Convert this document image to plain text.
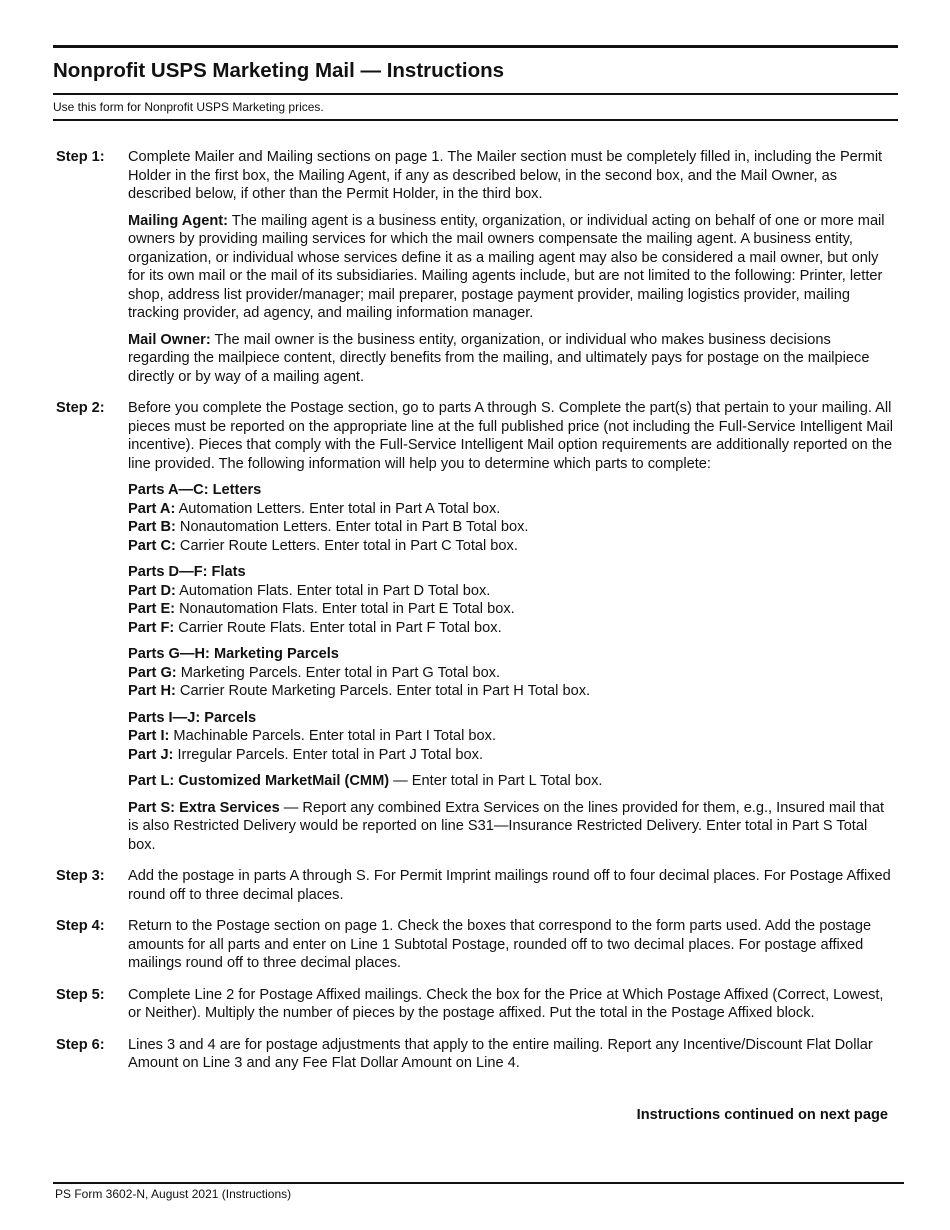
Nonprofit USPS Marketing Mail — Instructions
Use this form for Nonprofit USPS Marketing prices.
Step 1: Complete Mailer and Mailing sections on page 1. The Mailer section must be completely filled in, including the Permit Holder in the first box, the Mailing Agent, if any as described below, in the second box, and the Mail Owner, as described below, if other than the Permit Holder, in the third box.

Mailing Agent: The mailing agent is a business entity, organization, or individual acting on behalf of one or more mail owners by providing mailing services for which the mail owners compensate the mailing agent. A business entity, organization, or individual whose services define it as a mailing agent may also be considered a mail owner, but only for its own mail or the mail of its subsidiaries. Mailing agents include, but are not limited to the following: Printer, letter shop, address list provider/manager; mail preparer, postage payment provider, mailing logistics provider, mailing tracking provider, ad agency, and mailing information manager.

Mail Owner: The mail owner is the business entity, organization, or individual who makes business decisions regarding the mailpiece content, directly benefits from the mailing, and ultimately pays for postage on the mailpiece directly or by way of a mailing agent.

Step 2: Before you complete the Postage section, go to parts A through S. Complete the part(s) that pertain to your mailing. All pieces must be reported on the appropriate line at the full published price (not including the Full-Service Intelligent Mail incentive). Pieces that comply with the Full-Service Intelligent Mail option requirements are additionally reported on the line provided. The following information will help you to determine which parts to complete:

Parts A—C: Letters
Part A: Automation Letters. Enter total in Part A Total box.
Part B: Nonautomation Letters. Enter total in Part B Total box.
Part C: Carrier Route Letters. Enter total in Part C Total box.
Parts D—F: Flats
Part D: Automation Flats. Enter total in Part D Total box.
Part E: Nonautomation Flats. Enter total in Part E Total box.
Part F: Carrier Route Flats. Enter total in Part F Total box.
Parts G—H: Marketing Parcels
Part G: Marketing Parcels. Enter total in Part G Total box.
Part H: Carrier Route Marketing Parcels. Enter total in Part H Total box.
Parts I—J: Parcels
Part I: Machinable Parcels. Enter total in Part I Total box.
Part J: Irregular Parcels. Enter total in Part J Total box.

Part L: Customized MarketMail (CMM) — Enter total in Part L Total box.

Part S: Extra Services — Report any combined Extra Services on the lines provided for them, e.g., Insured mail that is also Restricted Delivery would be reported on line S31—Insurance Restricted Delivery. Enter total in Part S Total box.

Step 3: Add the postage in parts A through S. For Permit Imprint mailings round off to four decimal places. For Postage Affixed round off to three decimal places.

Step 4: Return to the Postage section on page 1. Check the boxes that correspond to the form parts used. Add the postage amounts for all parts and enter on Line 1 Subtotal Postage, rounded off to two decimal places. For postage affixed mailings round off to three decimal places.

Step 5: Complete Line 2 for Postage Affixed mailings. Check the box for the Price at Which Postage Affixed (Correct, Lowest, or Neither). Multiply the number of pieces by the postage affixed. Put the total in the Postage Affixed block.

Step 6: Lines 3 and 4 are for postage adjustments that apply to the entire mailing. Report any Incentive/Discount Flat Dollar Amount on Line 3 and any Fee Flat Dollar Amount on Line 4.

Instructions continued on next page
PS Form 3602-N, August 2021 (Instructions)
